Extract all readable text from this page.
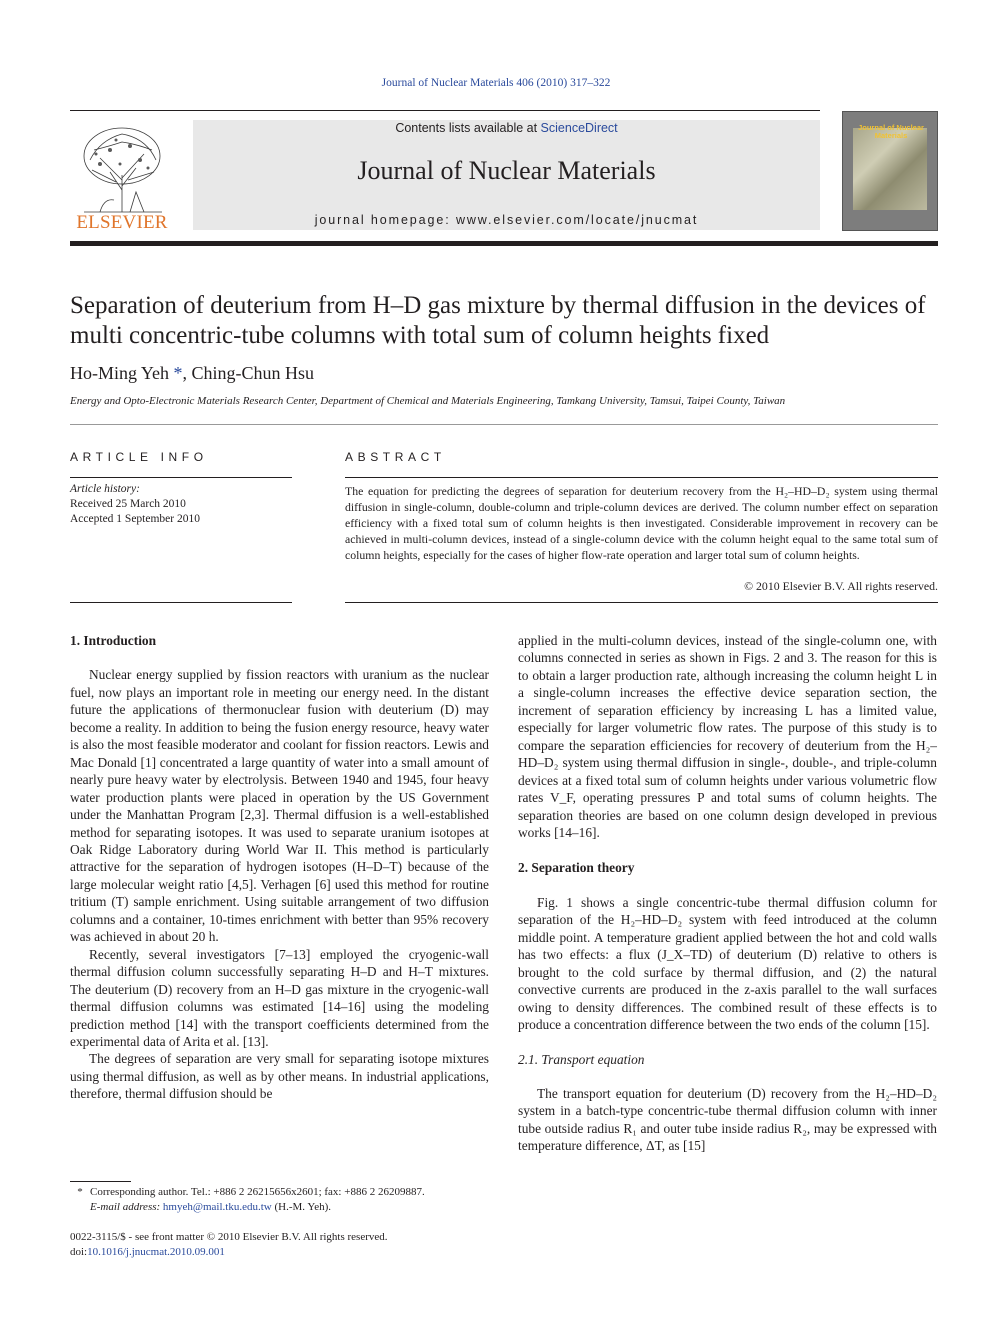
Journal of Nuclear Materials 406 (2010) 317–322
ELSEVIER
Contents lists available at ScienceDirect
Journal of Nuclear Materials
journal homepage: www.elsevier.com/locate/jnucmat
Journal of Nuclear Materials
Separation of deuterium from H–D gas mixture by thermal diffusion in the devices of multi concentric-tube columns with total sum of column heights fixed
Ho-Ming Yeh *, Ching-Chun Hsu
Energy and Opto-Electronic Materials Research Center, Department of Chemical and Materials Engineering, Tamkang University, Tamsui, Taipei County, Taiwan
ARTICLE INFO	ABSTRACT
Article history:
Received 25 March 2010
Accepted 1 September 2010
The equation for predicting the degrees of separation for deuterium recovery from the H₂–HD–D₂ system using thermal diffusion in single-column, double-column and triple-column devices are derived. The column number effect on separation efficiency with a fixed total sum of column heights is then investigated. Considerable improvement in recovery can be achieved in multi-column devices, instead of a single-column device with the column height equal to the same total sum of column heights, especially for the cases of higher flow-rate operation and larger total sum of column heights.
© 2010 Elsevier B.V. All rights reserved.

1. Introduction

Nuclear energy supplied by fission reactors with uranium as the nuclear fuel, now plays an important role in meeting our energy need. In the distant future the applications of thermonuclear fusion with deuterium (D) may become a reality. In addition to being the fusion energy resource, heavy water is also the most feasible moderator and coolant for fission reactors. Lewis and Mac Donald [1] concentrated a large quantity of water into a small amount of nearly pure heavy water by electrolysis. Between 1940 and 1945, four heavy water production plants were placed in operation by the US Government under the Manhattan Program [2,3]. Thermal diffusion is a well-established method for separating isotopes. It was used to separate uranium isotopes at Oak Ridge Laboratory during World War II. This method is particularly attractive for the separation of hydrogen isotopes (H–D–T) because of the large molecular weight ratio [4,5]. Verhagen [6] used this method for routine tritium (T) sample enrichment. Using suitable arrangement of two diffusion columns and a container, 10-times enrichment with better than 95% recovery was achieved in about 20 h.

Recently, several investigators [7–13] employed the cryogenic-wall thermal diffusion column successfully separating H–D and H–T mixtures. The deuterium (D) recovery from an H–D gas mixture in the cryogenic-wall thermal diffusion columns was estimated [14–16] using the modeling prediction method [14] with the transport coefficients determined from the experimental data of Arita et al. [13].

The degrees of separation are very small for separating isotope mixtures using thermal diffusion, as well as by other means. In industrial applications, therefore, thermal diffusion should be

applied in the multi-column devices, instead of the single-column one, with columns connected in series as shown in Figs. 2 and 3. The reason for this is to obtain a larger production rate, although increasing the column height L in a single-column increases the effective device separation section, the increment of separation efficiency by increasing L has a limited value, especially for larger volumetric flow rates. The purpose of this study is to compare the separation efficiencies for recovery of deuterium from the H₂–HD–D₂ system using thermal diffusion in single-, double-, and triple-column devices at a fixed total sum of column heights under various volumetric flow rates V_F, operating pressures P and total sums of column heights. The separation theories are based on one column design developed in previous works [14–16].

2. Separation theory

Fig. 1 shows a single concentric-tube thermal diffusion column for separation of the H₂–HD–D₂ system with feed introduced at the column middle point. A temperature gradient applied between the hot and cold walls has two effects: a flux (J_X–TD) of deuterium (D) relative to others is brought to the cold surface by thermal diffusion, and (2) the natural convective currents are produced in the z-axis parallel to the wall surfaces owing to density differences. The combined result of these effects is to produce a concentration difference between the two ends of the column [15].

2.1. Transport equation

The transport equation for deuterium (D) recovery from the H₂–HD–D₂ system in a batch-type concentric-tube thermal diffusion column with inner tube outside radius R₁ and outer tube inside radius R₂, may be expressed with temperature difference, ΔT, as [15]

* Corresponding author. Tel.: +886 2 26215656x2601; fax: +886 2 26209887.
E-mail address: hmyeh@mail.tku.edu.tw (H.-M. Yeh).
0022-3115/$ - see front matter © 2010 Elsevier B.V. All rights reserved.
doi:10.1016/j.jnucmat.2010.09.001
